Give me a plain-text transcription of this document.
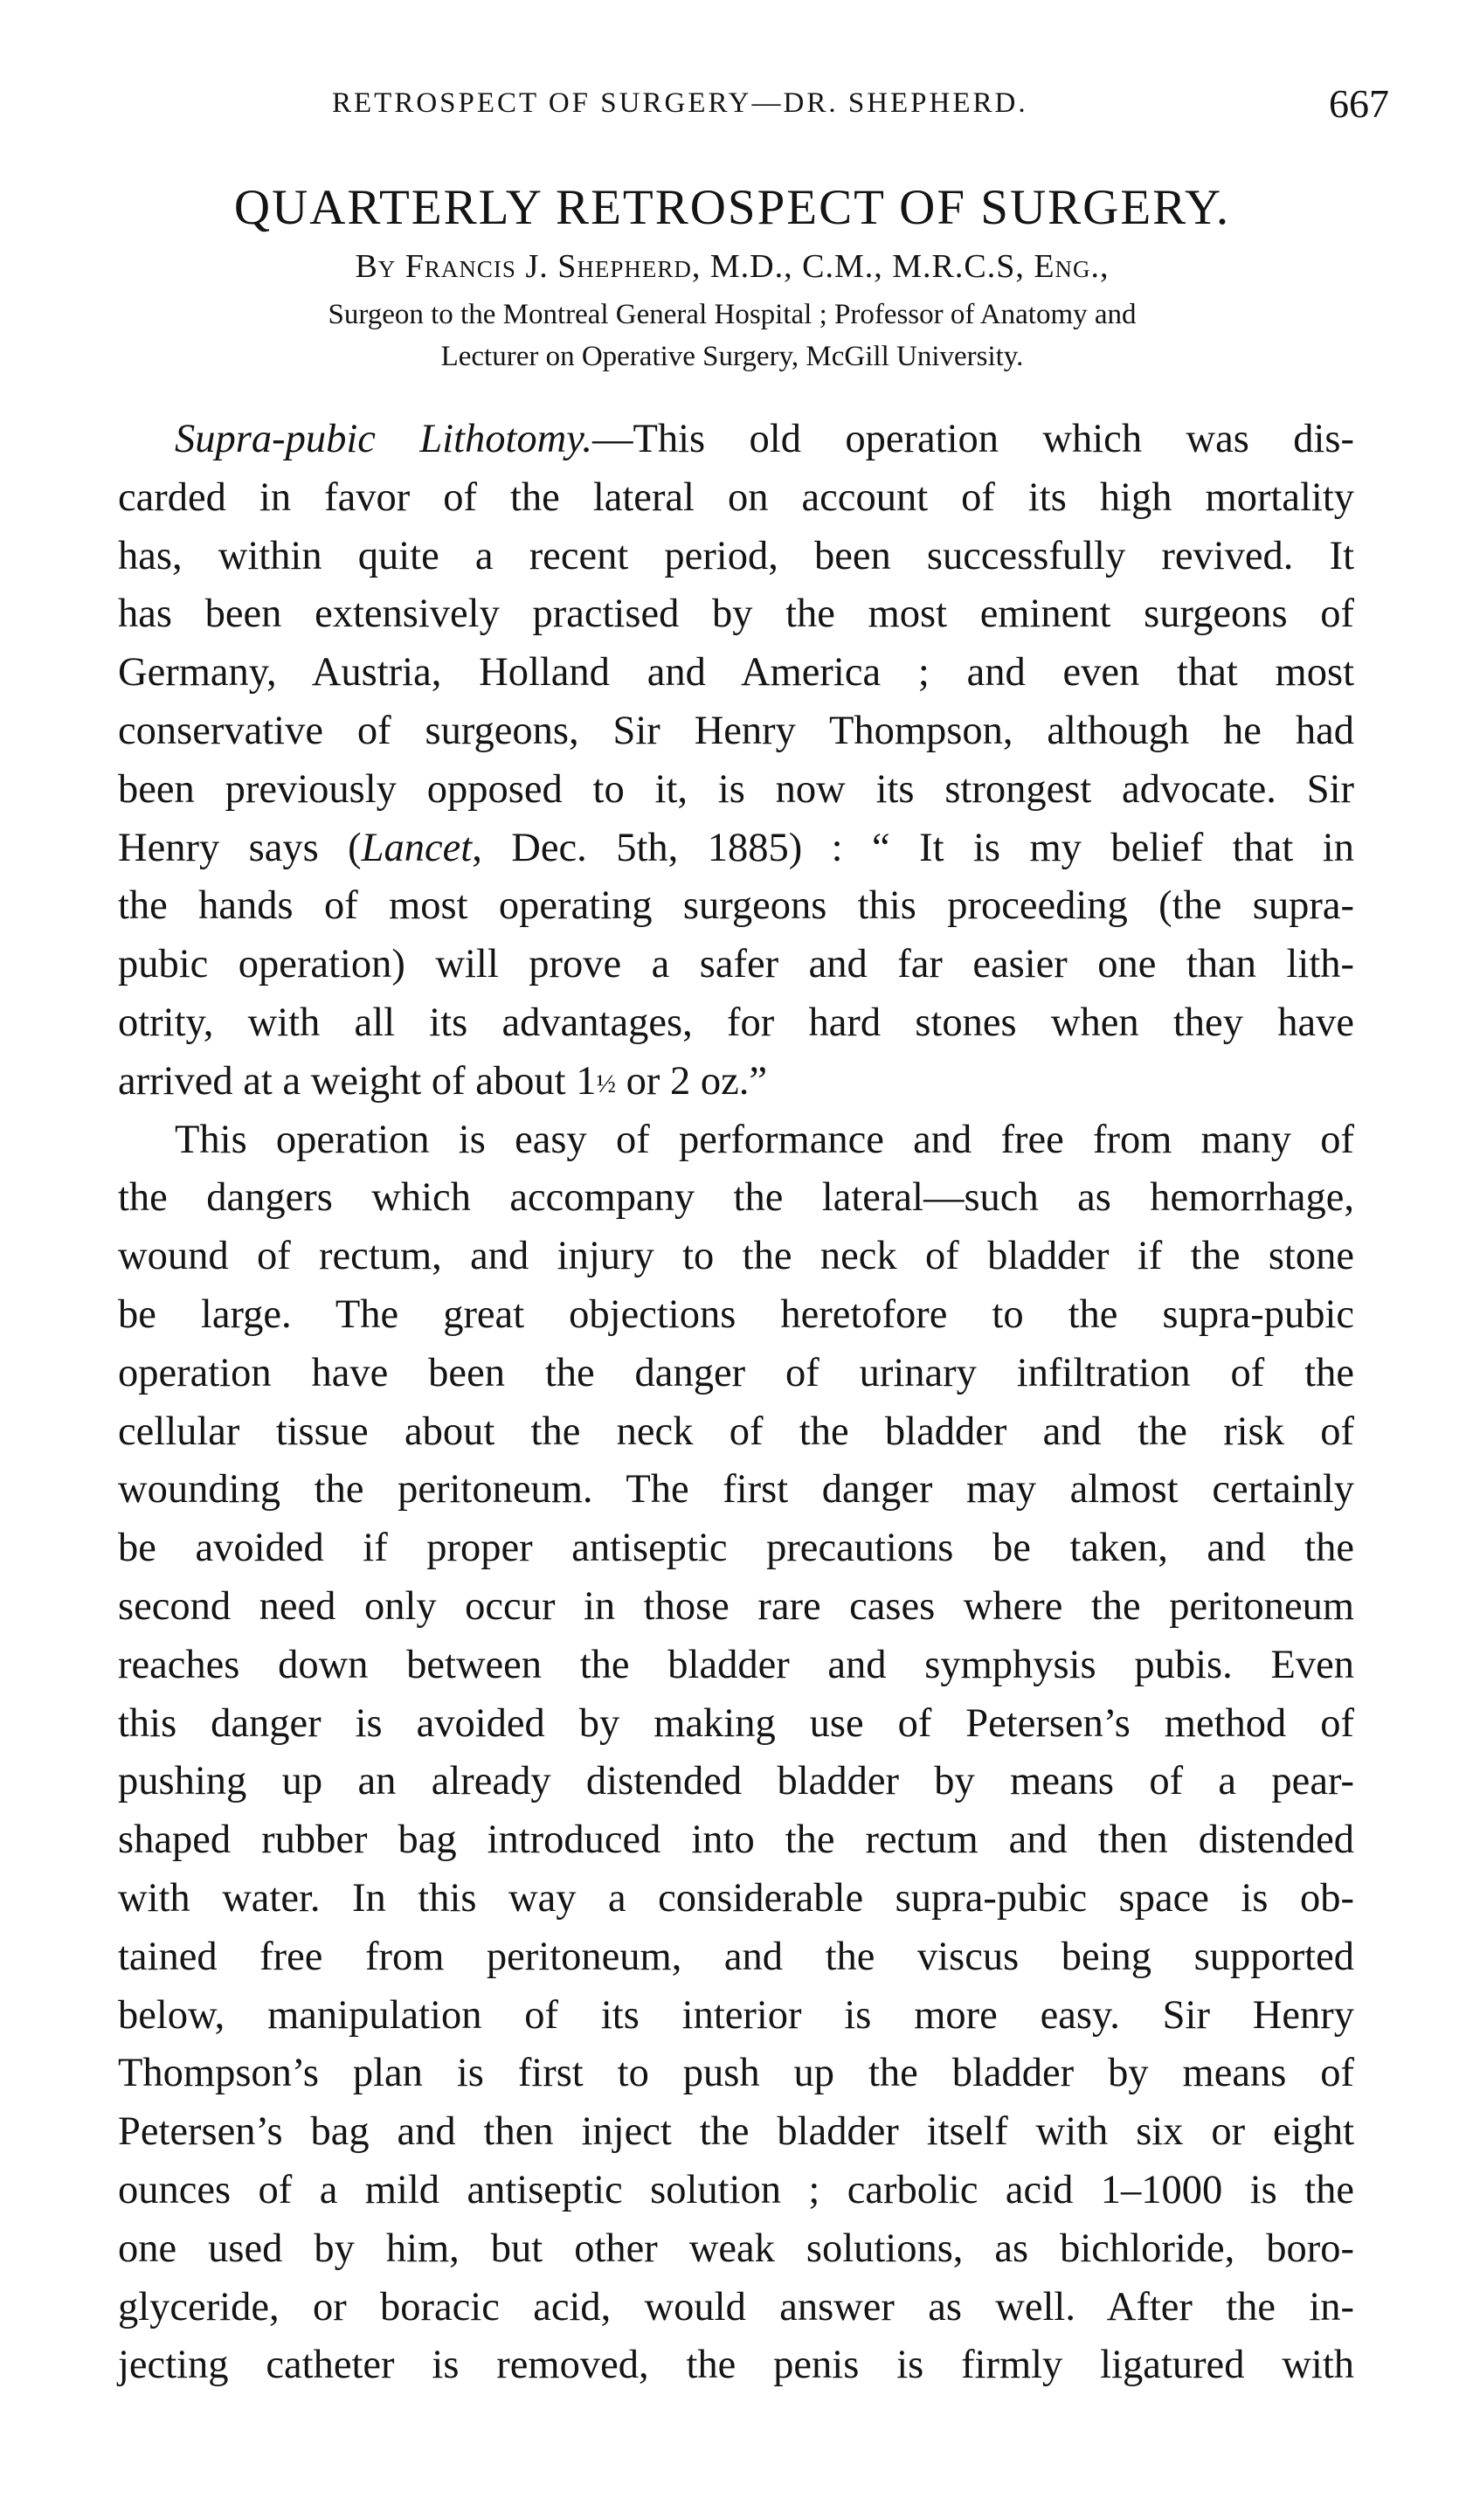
RETROSPECT OF SURGERY—DR. SHEPHERD.	667
QUARTERLY RETROSPECT OF SURGERY.
By Francis J. Shepherd, M.D., C.M., M.R.C.S, Eng.,
Surgeon to the Montreal General Hospital ; Professor of Anatomy and
Lecturer on Operative Surgery, McGill University.
Supra-pubic Lithotomy.—This old operation which was dis-
carded in favor of the lateral on account of its high mortality
has, within quite a recent period, been successfully revived. It
has been extensively practised by the most eminent surgeons of
Germany, Austria, Holland and America ; and even that most
conservative of surgeons, Sir Henry Thompson, although he had
been previously opposed to it, is now its strongest advocate. Sir
Henry says (Lancet, Dec. 5th, 1885) : “ It is my belief that in
the hands of most operating surgeons this proceeding (the supra-
pubic operation) will prove a safer and far easier one than lith-
otrity, with all its advantages, for hard stones when they have
arrived at a weight of about 1½ or 2 oz.”
This operation is easy of performance and free from many of
the dangers which accompany the lateral—such as hemorrhage,
wound of rectum, and injury to the neck of bladder if the stone
be large. The great objections heretofore to the supra-pubic
operation have been the danger of urinary infiltration of the
cellular tissue about the neck of the bladder and the risk of
wounding the peritoneum. The first danger may almost certainly
be avoided if proper antiseptic precautions be taken, and the
second need only occur in those rare cases where the peritoneum
reaches down between the bladder and symphysis pubis. Even
this danger is avoided by making use of Petersen’s method of
pushing up an already distended bladder by means of a pear-
shaped rubber bag introduced into the rectum and then distended
with water. In this way a considerable supra-pubic space is ob-
tained free from peritoneum, and the viscus being supported
below, manipulation of its interior is more easy. Sir Henry
Thompson’s plan is first to push up the bladder by means of
Petersen’s bag and then inject the bladder itself with six or eight
ounces of a mild antiseptic solution ; carbolic acid 1–1000 is the
one used by him, but other weak solutions, as bichloride, boro-
glyceride, or boracic acid, would answer as well. After the in-
jecting catheter is removed, the penis is firmly ligatured with
